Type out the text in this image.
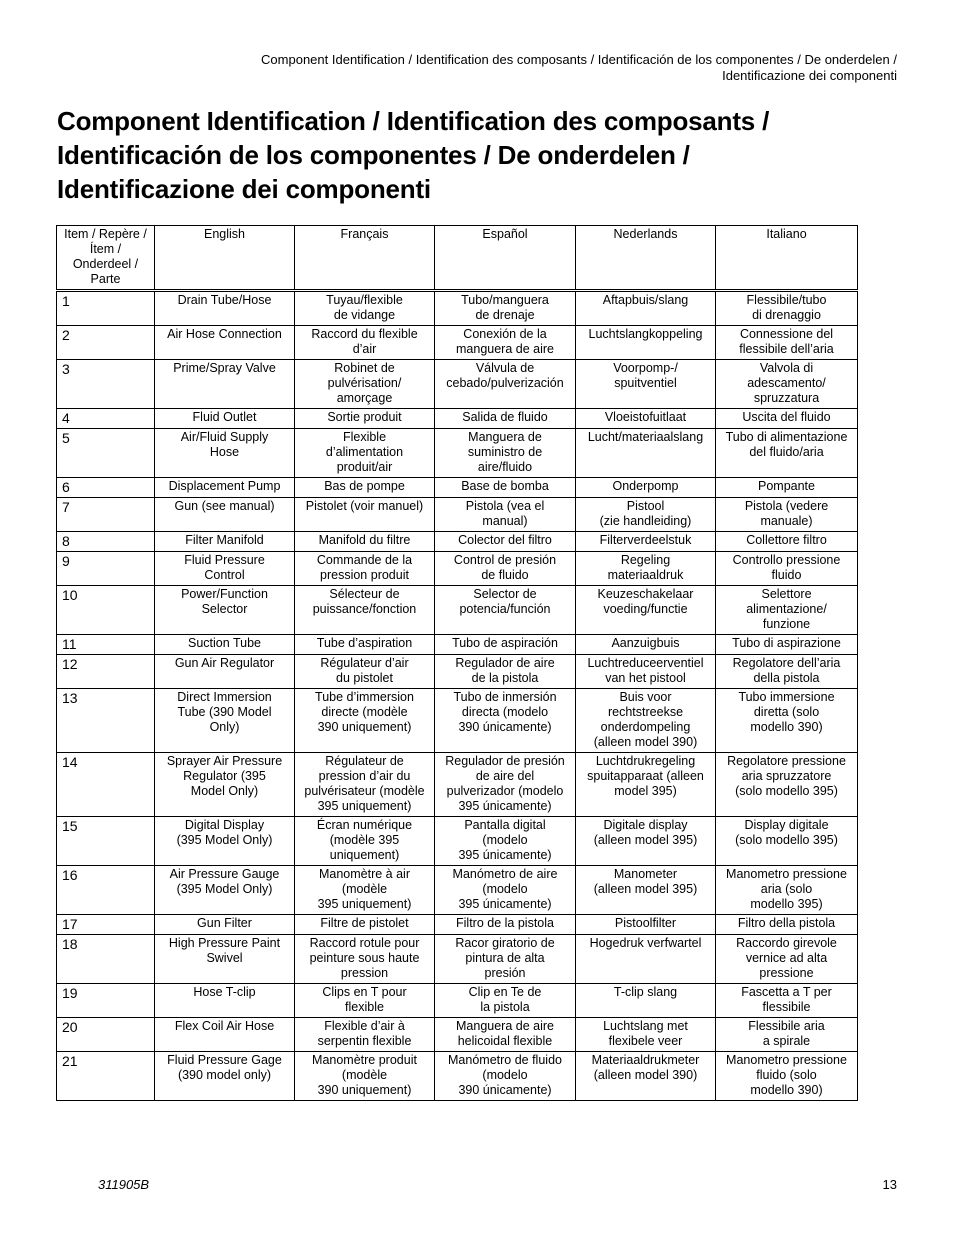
Component Identification / Identification des composants / Identificación de los componentes / De onderdelen /
Identificazione dei componenti
Component Identification / Identification des composants /
Identificación de los componentes / De onderdelen /
Identificazione dei componenti
Item / Repère / Ítem / Onderdeel / Parte	English	Français	Español	Nederlands	Italiano

1	Drain Tube/Hose	Tuyau/flexible
de vidange	Tubo/manguera
de drenaje	Aftapbuis/slang	Flessibile/tubo
di drenaggio

2	Air Hose Connection	Raccord du flexible
d’air	Conexión de la
manguera de aire	Luchtslangkoppeling	Connessione del
flessibile dell’aria

3	Prime/Spray Valve	Robinet de
pulvérisation/
amorçage	Válvula de
cebado/pulverización	Voorpomp-/
spuitventiel	Valvola di
adescamento/
spruzzatura

4	Fluid Outlet	Sortie produit	Salida de fluido	Vloeistofuitlaat	Uscita del fluido

5	Air/Fluid Supply
Hose	Flexible
d’alimentation
produit/air	Manguera de
suministro de
aire/fluido	Lucht/materiaalslang	Tubo di alimentazione
del fluido/aria

6	Displacement Pump	Bas de pompe	Base de bomba	Onderpomp	Pompante

7	Gun (see manual)	Pistolet (voir manuel)	Pistola (vea el
manual)	Pistool
(zie handleiding)	Pistola (vedere
manuale)

8	Filter Manifold	Manifold du filtre	Colector del filtro	Filterverdeelstuk	Collettore filtro

9	Fluid Pressure
Control	Commande de la
pression produit	Control de presión
de fluido	Regeling
materiaaldruk	Controllo pressione
fluido

10	Power/Function
Selector	Sélecteur de
puissance/fonction	Selector de
potencia/función	Keuzeschakelaar
voeding/functie	Selettore
alimentazione/
funzione

11	Suction Tube	Tube d’aspiration	Tubo de aspiración	Aanzuigbuis	Tubo di aspirazione

12	Gun Air Regulator	Régulateur d’air
du pistolet	Regulador de aire
de la pistola	Luchtreduceerventiel
van het pistool	Regolatore dell’aria
della pistola

13	Direct Immersion
Tube (390 Model
Only)	Tube d’immersion
directe (modèle
390 uniquement)	Tubo de inmersión
directa (modelo
390 únicamente)	Buis voor
rechtstreekse
onderdompeling
(alleen model 390)	Tubo immersione
diretta (solo
modello 390)

14	Sprayer Air Pressure
Regulator (395
Model Only)	Régulateur de
pression d’air du
pulvérisateur (modèle
395 uniquement)	Regulador de presión
de aire del
pulverizador (modelo
395 únicamente)	Luchtdrukregeling
spuitapparaat (alleen
model 395)	Regolatore pressione
aria spruzzatore
(solo modello 395)

15	Digital Display
(395 Model Only)	Écran numérique
(modèle 395
uniquement)	Pantalla digital
(modelo
395 únicamente)	Digitale display
(alleen model 395)	Display digitale
(solo modello 395)

16	Air Pressure Gauge
(395 Model Only)	Manomètre à air
(modèle
395 uniquement)	Manómetro de aire
(modelo
395 únicamente)	Manometer
(alleen model 395)	Manometro pressione
aria (solo
modello 395)

17	Gun Filter	Filtre de pistolet	Filtro de la pistola	Pistoolfilter	Filtro della pistola

18	High Pressure Paint
Swivel	Raccord rotule pour
peinture sous haute
pression	Racor giratorio de
pintura de alta
presión	Hogedruk verfwartel	Raccordo girevole
vernice ad alta
pressione

19	Hose T-clip	Clips en T pour
flexible	Clip en Te de
la pistola	T-clip slang	Fascetta a T per
flessibile

20	Flex Coil Air Hose	Flexible d’air à
serpentin flexible	Manguera de aire
helicoidal flexible	Luchtslang met
flexibele veer	Flessibile aria
a spirale

21	Fluid Pressure Gage
(390 model only)	Manomètre produit
(modèle
390 uniquement)	Manómetro de fluido
(modelo
390 únicamente)	Materiaaldrukmeter
(alleen model 390)	Manometro pressione
fluido (solo
modello 390)
311905B	13
